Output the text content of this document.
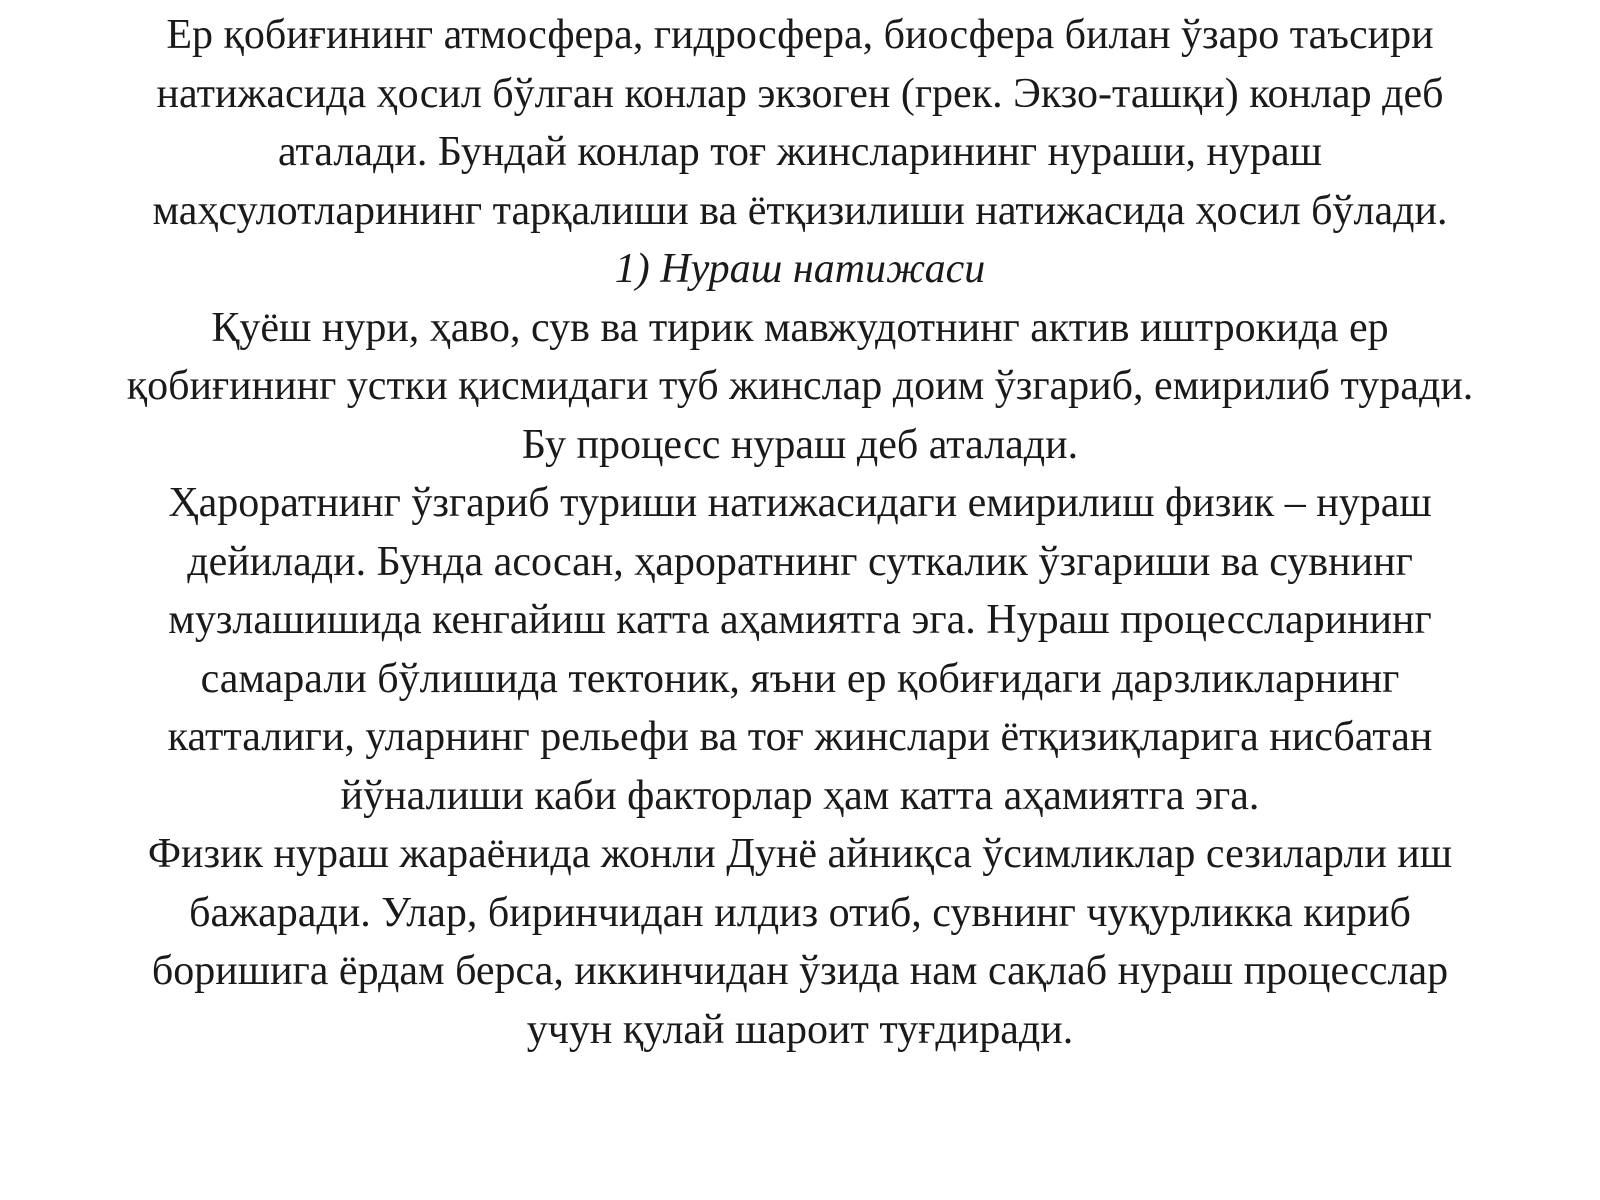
Ер қобиғининг атмосфера, гидросфера, биосфера билан ўзаро таъсири
натижасида ҳосил бўлган конлар экзоген (грек. Экзо-ташқи) конлар деб
аталади. Бундай конлар тоғ жинсларининг нураши, нураш
маҳсулотларининг тарқалиши ва ётқизилиши натижасида ҳосил бўлади.
1) Нураш натижаси
Қуёш нури, ҳаво, сув ва тирик мавжудотнинг актив иштрокида ер
қобиғининг устки қисмидаги туб жинслар доим ўзгариб, емирилиб туради.
Бу процесс нураш деб аталади.
Ҳароратнинг ўзгариб туриши натижасидаги емирилиш физик – нураш
дейилади. Бунда асосан, ҳароратнинг суткалик ўзгариши ва сувнинг
музлашишида кенгайиш катта аҳамиятга эга. Нураш процессларининг
самарали бўлишида тектоник, яъни ер қобиғидаги дарзликларнинг
катталиги, уларнинг рельефи ва тоғ жинслари ётқизиқларига нисбатан
йўналиши каби факторлар ҳам катта аҳамиятга эга.
Физик нураш жараёнида жонли Дунё айниқса ўсимликлар сезиларли иш
бажаради. Улар, биринчидан илдиз отиб, сувнинг чуқурликка кириб
боришига ёрдам берса, иккинчидан ўзида нам сақлаб нураш процесслар
учун қулай шароит туғдиради.
